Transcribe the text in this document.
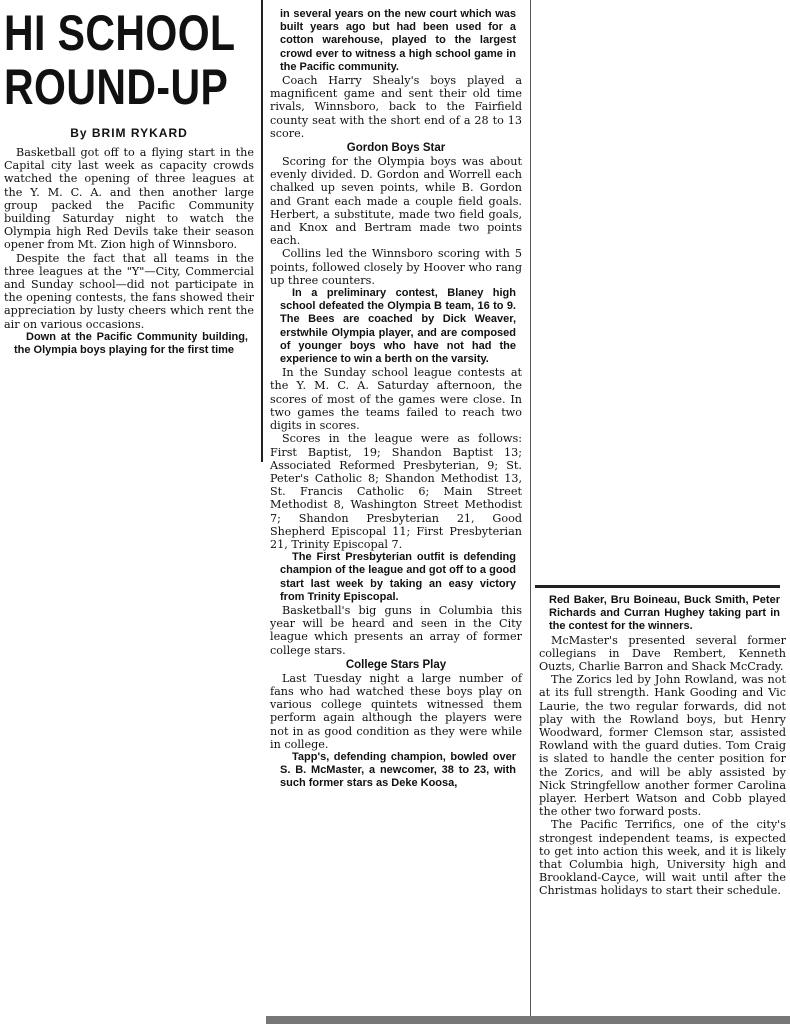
HI SCHOOL
ROUND-UP
By BRIM RYKARD

Basketball got off to a flying start in the Capital city last week as capacity crowds watched the opening of three leagues at the Y. M. C. A. and then another large group packed the Pacific Community building Saturday night to watch the Olympia high Red Devils take their season opener from Mt. Zion high of Winnsboro.

Despite the fact that all teams in the three leagues at the "Y"—City, Commercial and Sunday school—did not participate in the opening contests, the fans showed their appreciation by lusty cheers which rent the air on various occasions.

Down at the Pacific Community building, the Olympia boys playing for the first time

in several years on the new court which was built years ago but had been used for a cotton warehouse, played to the largest crowd ever to witness a high school game in the Pacific community.

Coach Harry Shealy's boys played a magnificent game and sent their old time rivals, Winnsboro, back to the Fairfield county seat with the short end of a 28 to 13 score.

Gordon Boys Star

Scoring for the Olympia boys was about evenly divided. D. Gordon and Worrell each chalked up seven points, while B. Gordon and Grant each made a couple field goals. Herbert, a substitute, made two field goals, and Knox and Bertram made two points each.

Collins led the Winnsboro scoring with 5 points, followed closely by Hoover who rang up three counters.

In a preliminary contest, Blaney high school defeated the Olympia B team, 16 to 9. The Bees are coached by Dick Weaver, erstwhile Olympia player, and are composed of younger boys who have not had the experience to win a berth on the varsity.

In the Sunday school league contests at the Y. M. C. A. Saturday afternoon, the scores of most of the games were close. In two games the teams failed to reach two digits in scores.

Scores in the league were as follows: First Baptist, 19; Shandon Baptist 13; Associated Reformed Presbyterian, 9; St. Peter's Catholic 8; Shandon Methodist 13, St. Francis Catholic 6; Main Street Methodist 8, Washington Street Methodist 7; Shandon Presbyterian 21, Good Shepherd Episcopal 11; First Presbyterian 21, Trinity Episcopal 7.

The First Presbyterian outfit is defending champion of the league and got off to a good start last week by taking an easy victory from Trinity Episcopal.

Basketball's big guns in Columbia this year will be heard and seen in the City league which presents an array of former college stars.

College Stars Play

Last Tuesday night a large number of fans who had watched these boys play on various college quintets witnessed them perform again although the players were not in as good condition as they were while in college.

Tapp's, defending champion, bowled over S. B. McMaster, a newcomer, 38 to 23, with such former stars as Deke Koosa,

Red Baker, Bru Boineau, Buck Smith, Peter Richards and Curran Hughey taking part in the contest for the winners.

McMaster's presented several former collegians in Dave Rembert, Kenneth Ouzts, Charlie Barron and Shack McCrady.

The Zorics led by John Rowland, was not at its full strength. Hank Gooding and Vic Laurie, the two regular forwards, did not play with the Rowland boys, but Henry Woodward, former Clemson star, assisted Rowland with the guard duties. Tom Craig is slated to handle the center position for the Zorics, and will be ably assisted by Nick Stringfellow another former Carolina player. Herbert Watson and Cobb played the other two forward posts.

The Pacific Terrifics, one of the city's strongest independent teams, is expected to get into action this week, and it is likely that Columbia high, University high and Brookland-Cayce, will wait until after the Christmas holidays to start their schedule.
